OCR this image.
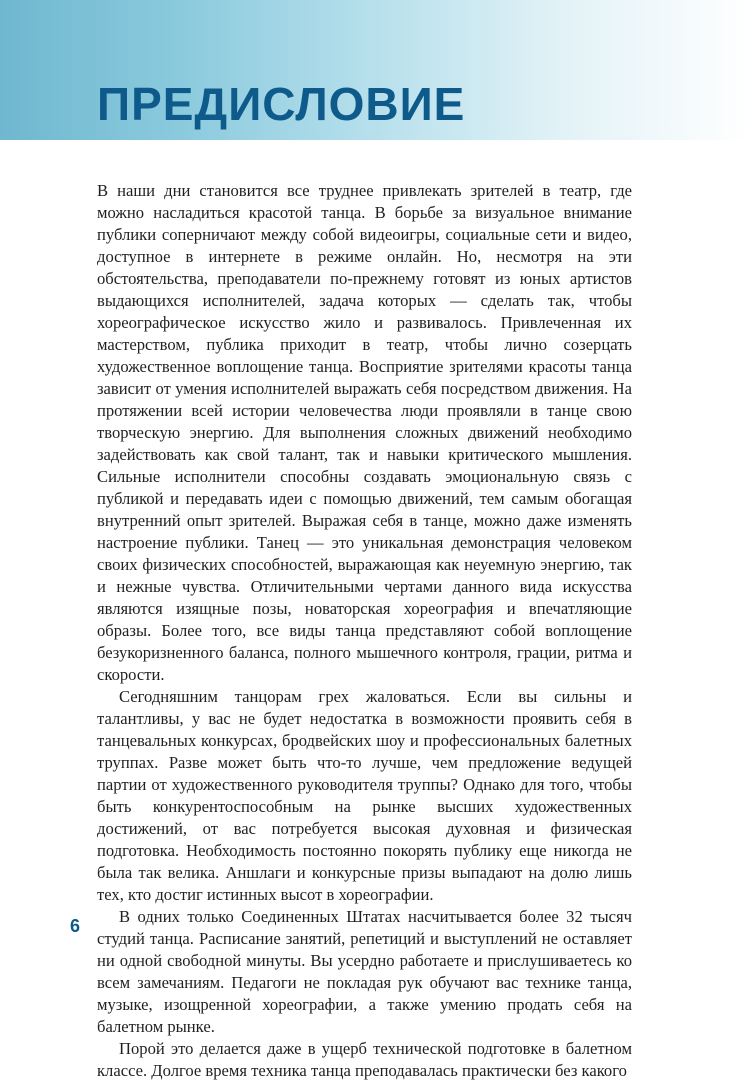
ПРЕДИСЛОВИЕ

В наши дни становится все труднее привлекать зрителей в театр, где можно насладиться красотой танца. В борьбе за визуальное внимание публики соперничают между собой видеоигры, социальные сети и видео, доступное в интернете в режиме онлайн. Но, несмотря на эти обстоятельства, преподаватели по-прежнему готовят из юных артистов выдающихся исполнителей, задача которых — сделать так, чтобы хореографическое искусство жило и развивалось. Привлеченная их мастерством, публика приходит в театр, чтобы лично созерцать художественное воплощение танца. Восприятие зрителями красоты танца зависит от умения исполнителей выражать себя посредством движения. На протяжении всей истории человечества люди проявляли в танце свою творческую энергию. Для выполнения сложных движений необходимо задействовать как свой талант, так и навыки критического мышления. Сильные исполнители способны создавать эмоциональную связь с публикой и передавать идеи с помощью движений, тем самым обогащая внутренний опыт зрителей. Выражая себя в танце, можно даже изменять настроение публики. Танец — это уникальная демонстрация человеком своих физических способностей, выражающая как неуемную энергию, так и нежные чувства. Отличительными чертами данного вида искусства являются изящные позы, новаторская хореография и впечатляющие образы. Более того, все виды танца представляют собой воплощение безукоризненного баланса, полного мышечного контроля, грации, ритма и скорости.

Сегодняшним танцорам грех жаловаться. Если вы сильны и талантливы, у вас не будет недостатка в возможности проявить себя в танцевальных конкурсах, бродвейских шоу и профессиональных балетных труппах. Разве может быть что-то лучше, чем предложение ведущей партии от художественного руководителя труппы? Однако для того, чтобы быть конкурентоспособным на рынке высших художественных достижений, от вас потребуется высокая духовная и физическая подготовка. Необходимость постоянно покорять публику еще никогда не была так велика. Аншлаги и конкурсные призы выпадают на долю лишь тех, кто достиг истинных высот в хореографии.

В одних только Соединенных Штатах насчитывается более 32 тысяч студий танца. Расписание занятий, репетиций и выступлений не оставляет ни одной свободной минуты. Вы усердно работаете и прислушиваетесь ко всем замечаниям. Педагоги не покладая рук обучают вас технике танца, музыке, изощренной хореографии, а также умению продать себя на балетном рынке.

Порой это делается даже в ущерб технической подготовке в балетном классе. Долгое время техника танца преподавалась практически без какого

6
